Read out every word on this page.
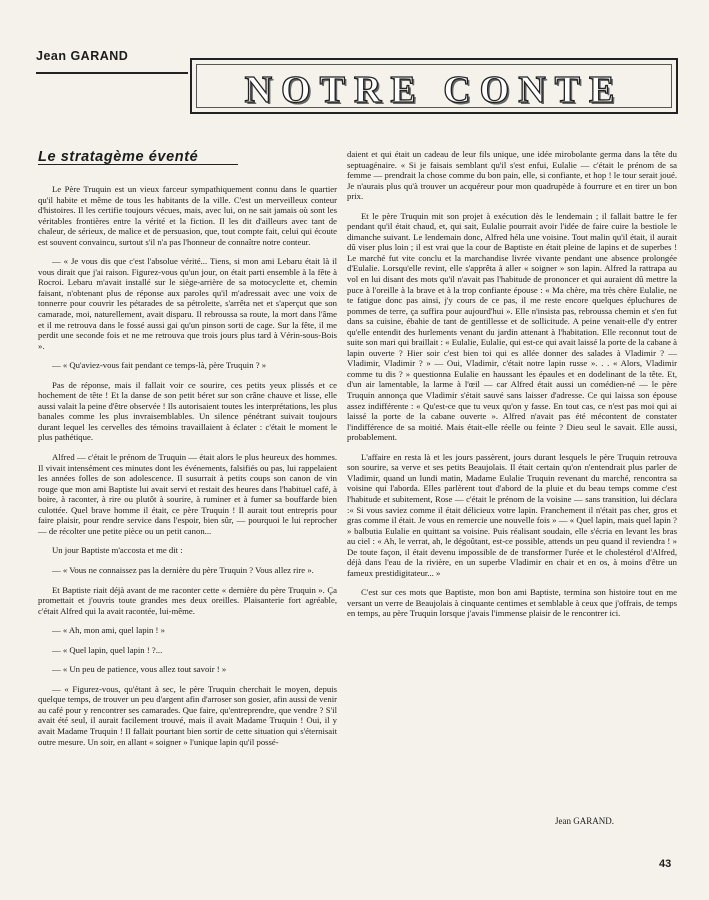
Jean GARAND
NOTRE CONTE
Le stratagème éventé

Le Père Truquin est un vieux farceur sympathiquement connu dans le quartier qu'il habite et même de tous les habitants de la ville. C'est un merveilleux conteur d'histoires. Il les certifie toujours vécues, mais, avec lui, on ne sait jamais où sont les véritables frontières entre la vérité et la fiction. Il les dit d'ailleurs avec tant de chaleur, de sérieux, de malice et de persuasion, que, tout compte fait, celui qui écoute est souvent convaincu, surtout s'il n'a pas l'honneur de connaître notre conteur.

— « Je vous dis que c'est l'absolue vérité... Tiens, si mon ami Lebaru était là il vous dirait que j'ai raison. Figurez-vous qu'un jour, on était parti ensemble à la fête à Rocroi. Lebaru m'avait installé sur le siège-arrière de sa motocyclette et, chemin faisant, n'obtenant plus de réponse aux paroles qu'il m'adressait avec une voix de tonnerre pour couvrir les pétarades de sa pétrolette, s'arrêta net et s'aperçut que son camarade, moi, naturellement, avait disparu. Il rebroussa sa route, la mort dans l'âme et il me retrouva dans le fossé aussi gai qu'un pinson sorti de cage. Sur la fête, il me perdit une seconde fois et ne me retrouva que trois jours plus tard à Vérin-sous-Bois ».

— « Qu'aviez-vous fait pendant ce temps-là, père Truquin ? »

Pas de réponse, mais il fallait voir ce sourire, ces petits yeux plissés et ce hochement de tête ! Et la danse de son petit béret sur son crâne chauve et lisse, elle aussi valait la peine d'être observée ! Ils autorisaient toutes les interprétations, les plus banales comme les plus invraisemblables. Un silence pénétrant suivait toujours durant lequel les cervelles des témoins travaillaient à éclater : c'était le moment le plus pathétique.

Alfred — c'était le prénom de Truquin — était alors le plus heureux des hommes. Il vivait intensément ces minutes dont les événements, falsifiés ou pas, lui rappelaient les années folles de son adolescence. Il susurrait à petits coups son canon de vin rouge que mon ami Baptiste lui avait servi et restait des heures dans l'habituel café, à boire, à raconter, à rire ou plutôt à sourire, à ruminer et à fumer sa bouffarde bien culottée. Quel brave homme il était, ce père Truquin ! Il aurait tout entrepris pour faire plaisir, pour rendre service dans l'espoir, bien sûr, — pourquoi le lui reprocher — de récolter une petite pièce ou un petit canon...

Un jour Baptiste m'accosta et me dit :

— « Vous ne connaissez pas la dernière du père Truquin ? Vous allez rire ».

Et Baptiste riait déjà avant de me raconter cette « dernière du père Truquin ». Ça promettait et j'ouvris toute grandes mes deux oreilles. Plaisanterie fort agréable, c'était Alfred qui la avait racontée, lui-même.

— « Ah, mon ami, quel lapin ! »

— « Quel lapin, quel lapin ! ?...

— « Un peu de patience, vous allez tout savoir ! »

— « Figurez-vous, qu'étant à sec, le père Truquin cherchait le moyen, depuis quelque temps, de trouver un peu d'argent afin d'arroser son gosier, afin aussi de venir au café pour y rencontrer ses camarades. Que faire, qu'entreprendre, que vendre ? S'il avait été seul, il aurait facilement trouvé, mais il avait Madame Truquin ! Oui, il y avait Madame Truquin ! Il fallait pourtant bien sortir de cette situation qui s'éternisait outre mesure. Un soir, en allant « soigner » l'unique lapin qu'il possé-

daient et qui était un cadeau de leur fils unique, une idée mirobolante germa dans la tête du septuagénaire. « Si je faisais semblant qu'il s'est enfui, Eulalie — c'était le prénom de sa femme — prendrait la chose comme du bon pain, elle, si confiante, et hop ! le tour serait joué. Je n'aurais plus qu'à trouver un acquéreur pour mon quadrupède à fourrure et en tirer un bon prix.

Et le père Truquin mit son projet à exécution dès le lendemain ; il fallait battre le fer pendant qu'il était chaud, et, qui sait, Eulalie pourrait avoir l'idée de faire cuire la bestiole le dimanche suivant. Le lendemain donc, Alfred héla une voisine. Tout malin qu'il était, il aurait dû viser plus loin ; il est vrai que la cour de Baptiste en était pleine de lapins et de superbes ! Le marché fut vite conclu et la marchandise livrée vivante pendant une absence prolongée d'Eulalie. Lorsqu'elle revint, elle s'apprêta à aller « soigner » son lapin. Alfred la rattrapa au vol en lui disant des mots qu'il n'avait pas l'habitude de prononcer et qui auraient dû mettre la puce à l'oreille à la brave et à la trop confiante épouse : « Ma chère, ma très chère Eulalie, ne te fatigue donc pas ainsi, j'y cours de ce pas, il me reste encore quelques épluchures de pommes de terre, ça suffira pour aujourd'hui ». Elle n'insista pas, rebroussa chemin et s'en fut dans sa cuisine, ébahie de tant de gentillesse et de sollicitude. A peine venait-elle d'y entrer qu'elle entendit des hurlements venant du jardin attenant à l'habitation. Elle reconnut tout de suite son mari qui braillait : « Eulalie, Eulalie, qui est-ce qui avait laissé la porte de la cabane à lapin ouverte ? Hier soir c'est bien toi qui es allée donner des salades à Vladimir ? — Vladimir, Vladimir ? » — Oui, Vladimir, c'était notre lapin russe ». . . « Alors, Vladimir comme tu dis ? » questionna Eulalie en haussant les épaules et en dodelinant de la tête. Et, d'un air lamentable, la larme à l'œil — car Alfred était aussi un comédien-né — le père Truquin annonça que Vladimir s'était sauvé sans laisser d'adresse. Ce qui laissa son épouse assez indifférente : « Qu'est-ce que tu veux qu'on y fasse. En tout cas, ce n'est pas moi qui ai laissé la porte de la cabane ouverte ». Alfred n'avait pas été mécontent de constater l'indifférence de sa moitié. Mais était-elle réelle ou feinte ? Dieu seul le savait. Elle aussi, probablement.

L'affaire en resta là et les jours passèrent, jours durant lesquels le père Truquin retrouva son sourire, sa verve et ses petits Beaujolais. Il était certain qu'on n'entendrait plus parler de Vladimir, quand un lundi matin, Madame Eulalie Truquin revenant du marché, rencontra sa voisine qui l'aborda. Elles parlèrent tout d'abord de la pluie et du beau temps comme c'est l'habitude et subitement, Rose — c'était le prénom de la voisine — sans transition, lui déclara :« Si vous saviez comme il était délicieux votre lapin. Franchement il n'était pas cher, gros et gras comme il était. Je vous en remercie une nouvelle fois » — « Quel lapin, mais quel lapin ? » balbutia Eulalie en quittant sa voisine. Puis réalisant soudain, elle s'écria en levant les bras au ciel : « Ah, le verrat, ah, le dégoûtant, est-ce possible, attends un peu quand il reviendra ! » De toute façon, il était devenu impossible de de transformer l'urée et le cholestérol d'Alfred, déjà dans l'eau de la rivière, en un superbe Vladimir en chair et en os, à moins d'être un fameux prestidigitateur... »

C'est sur ces mots que Baptiste, mon bon ami Baptiste, termina son histoire tout en me versant un verre de Beaujolais à cinquante centimes et semblable à ceux que j'offrais, de temps en temps, au père Truquin lorsque j'avais l'immense plaisir de le rencontrer ici.

Jean GARAND.
43
